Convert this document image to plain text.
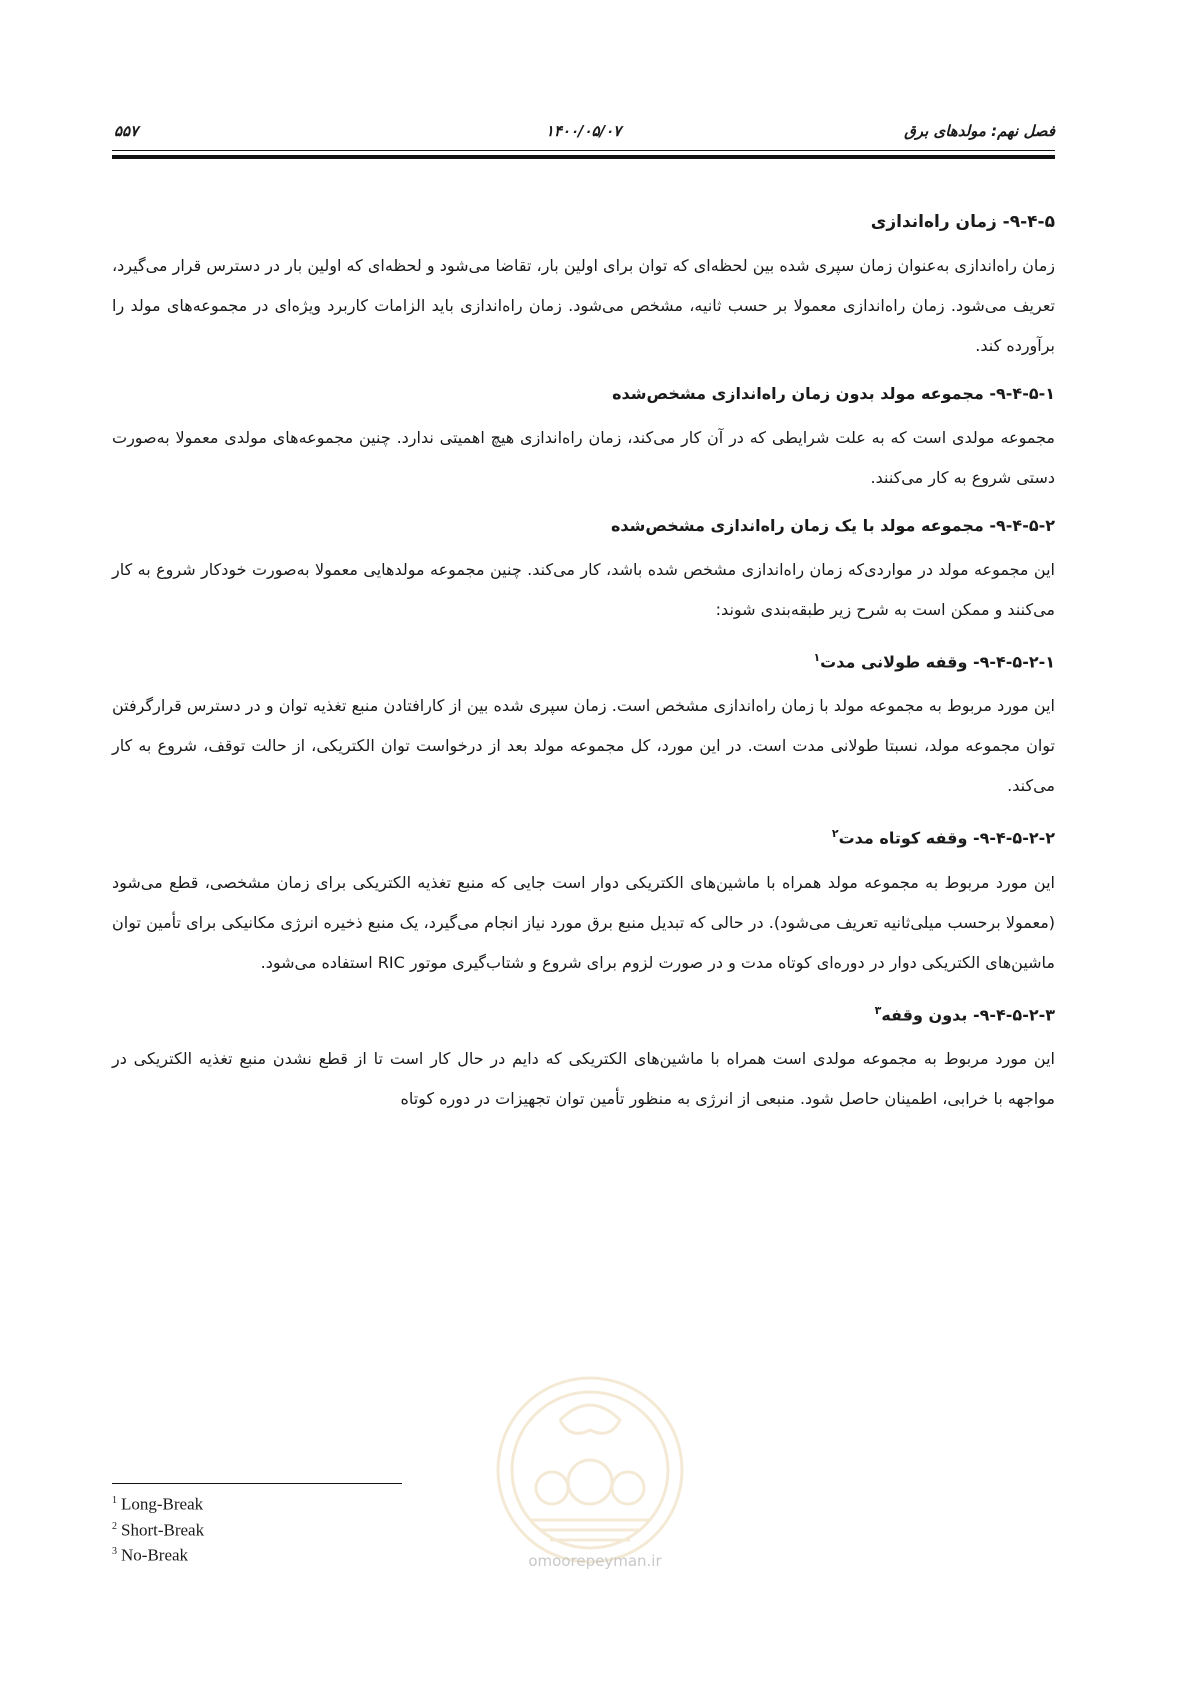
فصل نهم: مولدهای برق
۱۴۰۰/۰۵/۰۷
۵۵۷
۹-۴-۵- زمان راه‌اندازی

زمان راه‌اندازی به‌عنوان زمان سپری شده بین لحظه‌ای که توان برای اولین بار، تقاضا می‌شود و لحظه‌ای که اولین بار در دسترس قرار می‌گیرد، تعریف می‌شود. زمان راه‌اندازی معمولا بر حسب ثانیه، مشخص می‌شود. زمان راه‌اندازی باید الزامات کاربرد ویژه‌ای در مجموعه‌های مولد را برآورده کند.

۹-۴-۵-۱- مجموعه مولد بدون زمان راه‌اندازی مشخص‌شده

مجموعه مولدی است که به علت شرایطی که در آن کار می‌کند، زمان راه‌اندازی هیچ اهمیتی ندارد. چنین مجموعه‌های مولدی معمولا به‌صورت دستی شروع به کار می‌کنند.

۹-۴-۵-۲- مجموعه مولد با یک زمان راه‌اندازی مشخص‌شده

این مجموعه مولد در مواردی‌که زمان راه‌اندازی مشخص شده باشد، کار می‌کند. چنین مجموعه مولدهایی معمولا به‌صورت خودکار شروع به کار می‌کنند و ممکن است به شرح زیر طبقه‌بندی شوند:

۹-۴-۵-۲-۱- وقفه طولانی مدت$^۱$

این مورد مربوط به مجموعه مولد با زمان راه‌اندازی مشخص است. زمان سپری شده بین از کارافتادن منبع تغذیه توان و در دسترس قرارگرفتن توان مجموعه مولد، نسبتا طولانی مدت است. در این مورد، کل مجموعه مولد بعد از درخواست توان الکتریکی، از حالت توقف، شروع به کار می‌کند.

۹-۴-۵-۲-۲- وقفه کوتاه مدت$^۲$

این مورد مربوط به مجموعه مولد همراه با ماشین‌های الکتریکی دوار است جایی که منبع تغذیه الکتریکی برای زمان مشخصی، قطع می‌شود (معمولا برحسب میلی‌ثانیه تعریف می‌شود). در حالی که تبدیل منبع برق مورد نیاز انجام می‌گیرد، یک منبع ذخیره انرژی مکانیکی برای تأمین توان ماشین‌های الکتریکی دوار در دوره‌ای کوتاه مدت و در صورت لزوم برای شروع و شتاب‌گیری موتور RIC استفاده می‌شود.

۹-۴-۵-۲-۳- بدون وقفه$^۳$

این مورد مربوط به مجموعه مولدی است همراه با ماشین‌های الکتریکی که دایم در حال کار است تا از قطع نشدن منبع تغذیه الکتریکی در مواجهه با خرابی، اطمینان حاصل شود. منبعی از انرژی به منظور تأمین توان تجهیزات در دوره کوتاه

omoorepeyman.ir
$^1$ Long-Break
$^2$ Short-Break
$^3$ No-Break
